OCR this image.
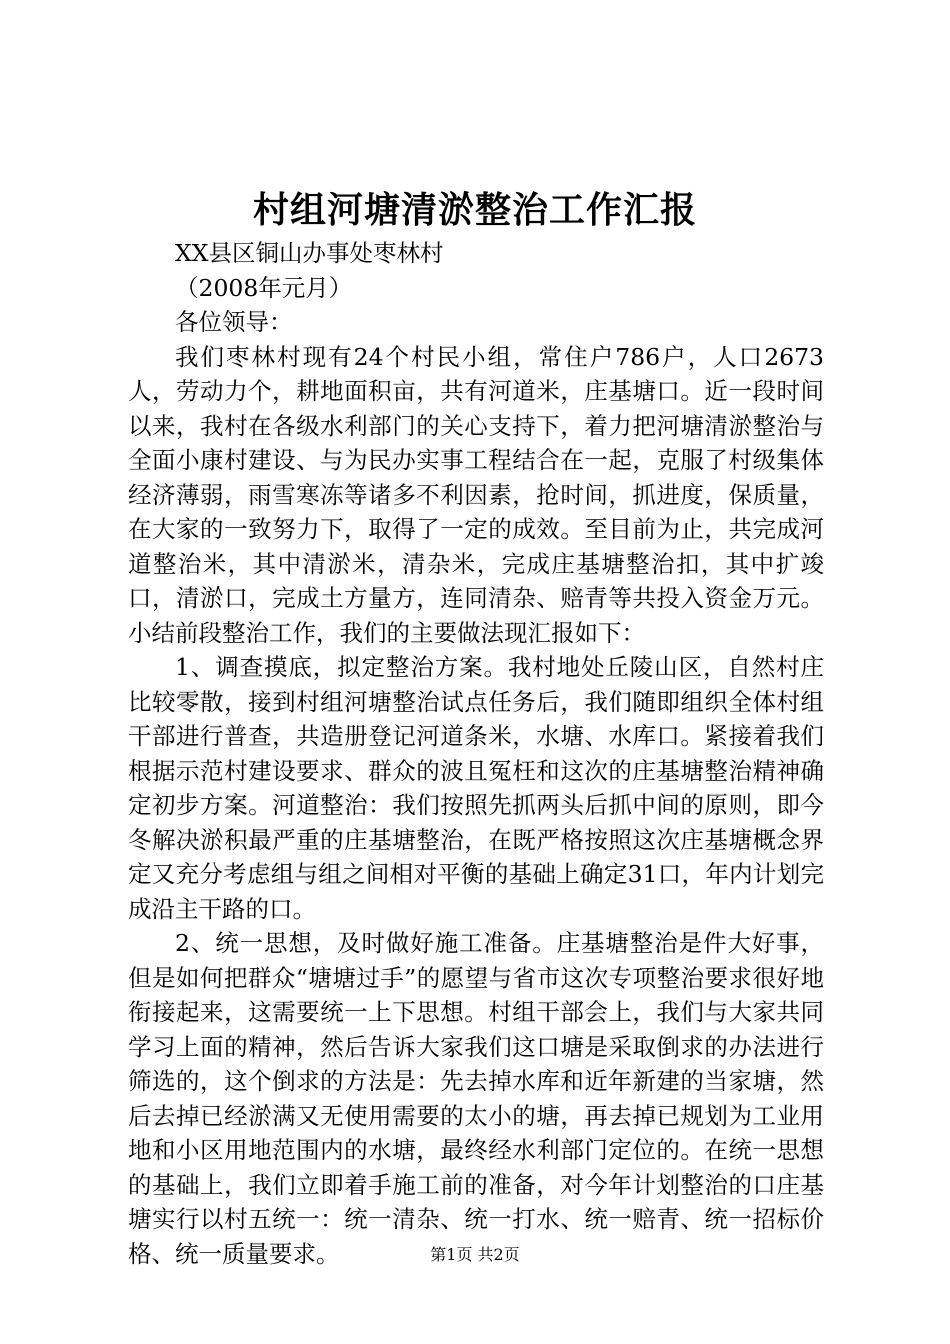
村组河塘清淤整治工作汇报

XX县区铜山办事处枣林村

（2008年元月）

各位领导：

我们枣林村现有24个村民小组，常住户786户，人口2673人，劳动力个，耕地面积亩，共有河道米，庄基塘口。近一段时间以来，我村在各级水利部门的关心支持下，着力把河塘清淤整治与全面小康村建设、与为民办实事工程结合在一起，克服了村级集体经济薄弱，雨雪寒冻等诸多不利因素，抢时间，抓进度，保质量，在大家的一致努力下，取得了一定的成效。至目前为止，共完成河道整治米，其中清淤米，清杂米，完成庄基塘整治扣，其中扩竣口，清淤口，完成土方量方，连同清杂、赔青等共投入资金万元。小结前段整治工作，我们的主要做法现汇报如下：

1、调查摸底，拟定整治方案。我村地处丘陵山区，自然村庄比较零散，接到村组河塘整治试点任务后，我们随即组织全体村组干部进行普查，共造册登记河道条米，水塘、水库口。紧接着我们根据示范村建设要求、群众的波且冤枉和这次的庄基塘整治精神确定初步方案。河道整治：我们按照先抓两头后抓中间的原则，即今冬解决淤积最严重的庄基塘整治，在既严格按照这次庄基塘概念界定又充分考虑组与组之间相对平衡的基础上确定31口，年内计划完成沿主干路的口。

2、统一思想，及时做好施工准备。庄基塘整治是件大好事，但是如何把群众“塘塘过手”的愿望与省市这次专项整治要求很好地衔接起来，这需要统一上下思想。村组干部会上，我们与大家共同学习上面的精神，然后告诉大家我们这口塘是采取倒求的办法进行筛选的，这个倒求的方法是：先去掉水库和近年新建的当家塘，然后去掉已经淤满又无使用需要的太小的塘，再去掉已规划为工业用地和小区用地范围内的水塘，最终经水利部门定位的。在统一思想的基础上，我们立即着手施工前的准备，对今年计划整治的口庄基塘实行以村五统一：统一清杂、统一打水、统一赔青、统一招标价格、统一质量要求。	第1页 共2页
